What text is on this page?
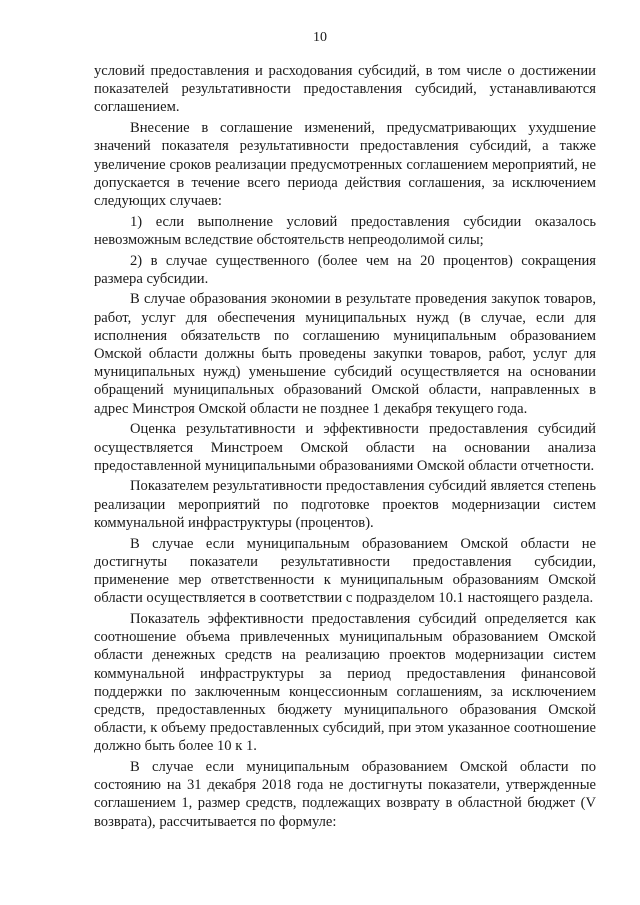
10

условий предоставления и расходования субсидий, в том числе о достижении показателей результативности предоставления субсидий, устанавливаются соглашением.

Внесение в соглашение изменений, предусматривающих ухудшение значений показателя результативности предоставления субсидий, а также увеличение сроков реализации предусмотренных соглашением мероприятий, не допускается в течение всего периода действия соглашения, за исключением следующих случаев:

1) если выполнение условий предоставления субсидии оказалось невозможным вследствие обстоятельств непреодолимой силы;

2) в случае существенного (более чем на 20 процентов) сокращения размера субсидии.

В случае образования экономии в результате проведения закупок товаров, работ, услуг для обеспечения муниципальных нужд (в случае, если для исполнения обязательств по соглашению муниципальным образованием Омской области должны быть проведены закупки товаров, работ, услуг для муниципальных нужд) уменьшение субсидий осуществляется на основании обращений муниципальных образований Омской области, направленных в адрес Минстроя Омской области не позднее 1 декабря текущего года.

Оценка результативности и эффективности предоставления субсидий осуществляется Минстроем Омской области на основании анализа предоставленной муниципальными образованиями Омской области отчетности.

Показателем результативности предоставления субсидий является степень реализации мероприятий по подготовке проектов модернизации систем коммунальной инфраструктуры (процентов).

В случае если муниципальным образованием Омской области не достигнуты показатели результативности предоставления субсидии, применение мер ответственности к муниципальным образованиям Омской области осуществляется в соответствии с подразделом 10.1 настоящего раздела.

Показатель эффективности предоставления субсидий определяется как соотношение объема привлеченных муниципальным образованием Омской области денежных средств на реализацию проектов модернизации систем коммунальной инфраструктуры за период предоставления финансовой поддержки по заключенным концессионным соглашениям, за исключением средств, предоставленных бюджету муниципального образования Омской области, к объему предоставленных субсидий, при этом указанное соотношение должно быть более 10 к 1.

В случае если муниципальным образованием Омской области по состоянию на 31 декабря 2018 года не достигнуты показатели, утвержденные соглашением 1, размер средств, подлежащих возврату в областной бюджет (V возврата), рассчитывается по формуле:
